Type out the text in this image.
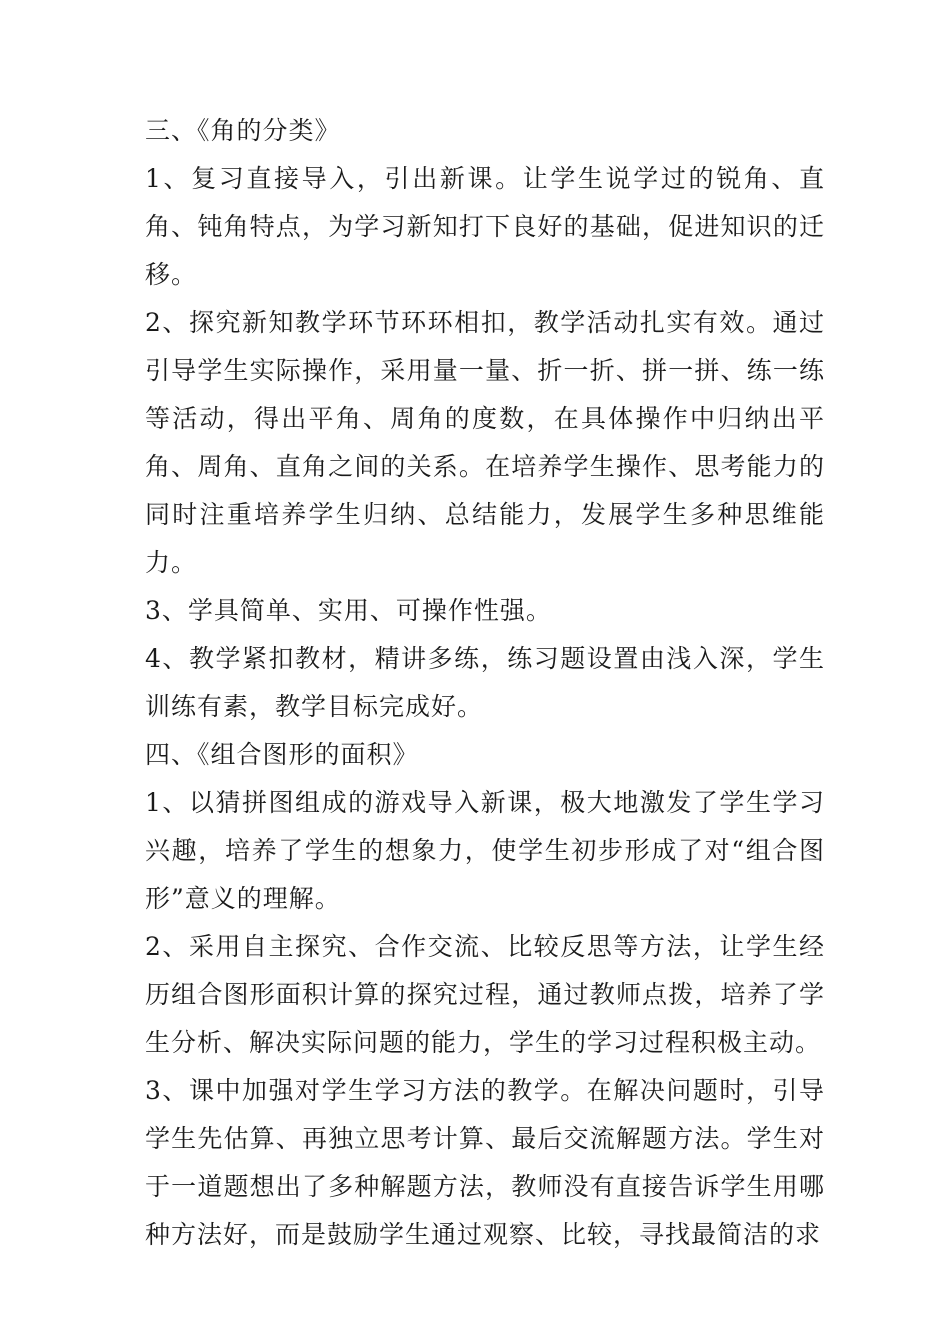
三、《角的分类》

1、复习直接导入，引出新课。让学生说学过的锐角、直角、钝角特点，为学习新知打下良好的基础，促进知识的迁移。

2、探究新知教学环节环环相扣，教学活动扎实有效。通过引导学生实际操作，采用量一量、折一折、拼一拼、练一练等活动，得出平角、周角的度数，在具体操作中归纳出平角、周角、直角之间的关系。在培养学生操作、思考能力的同时注重培养学生归纳、总结能力，发展学生多种思维能力。

3、学具简单、实用、可操作性强。

4、教学紧扣教材，精讲多练，练习题设置由浅入深，学生训练有素，教学目标完成好。

四、《组合图形的面积》

1、以猜拼图组成的游戏导入新课，极大地激发了学生学习兴趣，培养了学生的想象力，使学生初步形成了对“组合图形”意义的理解。

2、采用自主探究、合作交流、比较反思等方法，让学生经历组合图形面积计算的探究过程，通过教师点拨，培养了学生分析、解决实际问题的能力，学生的学习过程积极主动。

3、课中加强对学生学习方法的教学。在解决问题时，引导学生先估算、再独立思考计算、最后交流解题方法。学生对于一道题想出了多种解题方法，教师没有直接告诉学生用哪种方法好，而是鼓励学生通过观察、比较，寻找最简洁的求
